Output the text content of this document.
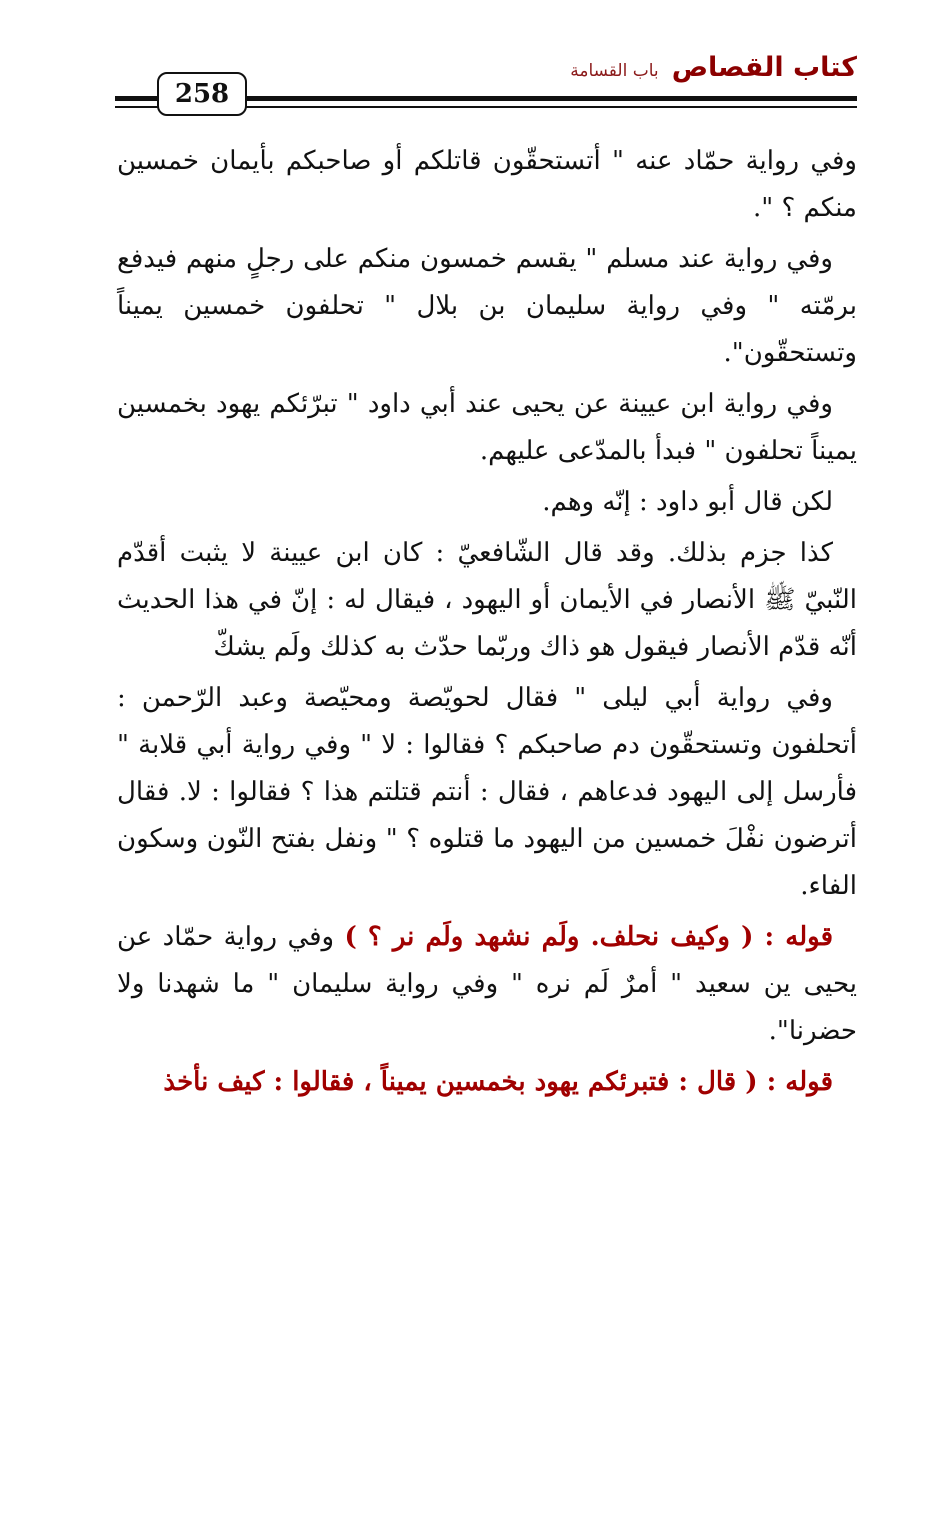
كتاب القصاص باب القسامة
258

وفي رواية حمّاد عنه " أتستحقّون قاتلكم أو صاحبكم بأيمان خمسين منكم ؟ ".

وفي رواية عند مسلم " يقسم خمسون منكم على رجلٍ منهم فيدفع برمّته " وفي رواية سليمان بن بلال " تحلفون خمسين يميناً وتستحقّون".

وفي رواية ابن عيينة عن يحيى عند أبي داود " تبرّئكم يهود بخمسين يميناً تحلفون " فبدأ بالمدّعى عليهم.

لكن قال أبو داود : إنّه وهم.

كذا جزم بذلك. وقد قال الشّافعيّ : كان ابن عيينة لا يثبت أقدّم النّبيّ ﷺ الأنصار في الأيمان أو اليهود ، فيقال له : إنّ في هذا الحديث أنّه قدّم الأنصار فيقول هو ذاك وربّما حدّث به كذلك ولَم يشكّ

وفي رواية أبي ليلى " فقال لحويّصة ومحيّصة وعبد الرّحمن : أتحلفون وتستحقّون دم صاحبكم ؟ فقالوا : لا " وفي رواية أبي قلابة " فأرسل إلى اليهود فدعاهم ، فقال : أنتم قتلتم هذا ؟ فقالوا : لا. فقال أترضون نفْلَ خمسين من اليهود ما قتلوه ؟ " ونفل بفتح النّون وسكون الفاء.

قوله : ( وكيف نحلف. ولَم نشهد ولَم نر ؟ ) وفي رواية حمّاد عن يحيى ين سعيد " أمرٌ لَم نره " وفي رواية سليمان " ما شهدنا ولا حضرنا".

قوله : ( قال : فتبرئكم يهود بخمسين يميناً ، فقالوا : كيف نأخذ
